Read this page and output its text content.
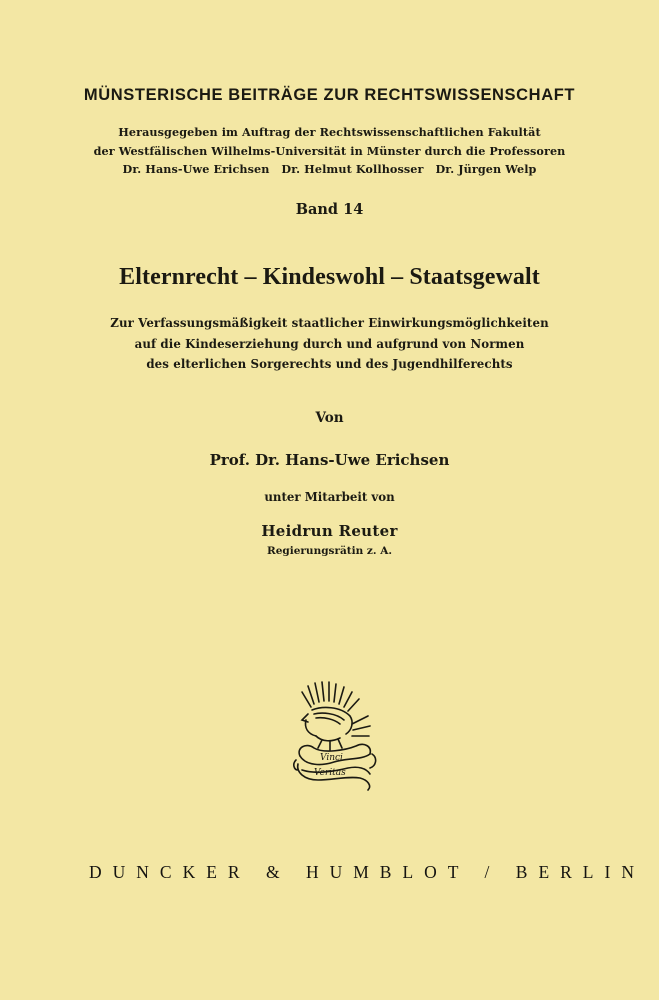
MÜNSTERISCHE BEITRÄGE ZUR RECHTSWISSENSCHAFT
Herausgegeben im Auftrag der Rechtswissenschaftlichen Fakultät
der Westfälischen Wilhelms-Universität in Münster durch die Professoren
Dr. Hans-Uwe Erichsen   Dr. Helmut Kollhosser   Dr. Jürgen Welp
Band 14
Elternrecht – Kindeswohl – Staatsgewalt
Zur Verfassungsmäßigkeit staatlicher Einwirkungsmöglichkeiten
auf die Kindeserziehung durch und aufgrund von Normen
des elterlichen Sorgerechts und des Jugendhilferechts
Von
Prof. Dr. Hans-Uwe Erichsen
unter Mitarbeit von
Heidrun Reuter
Regierungsrätin z. A.
Vinci
Veritas
DUNCKER & HUMBLOT / BERLIN
